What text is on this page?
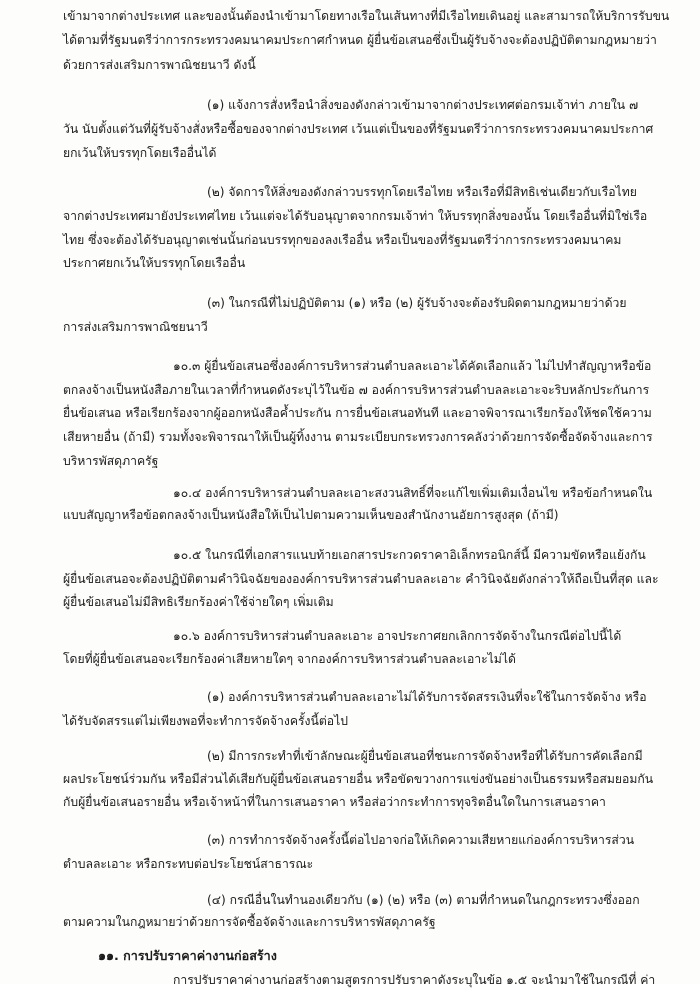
เข้ามาจากต่างประเทศ และของนั้นต้องนำเข้ามาโดยทางเรือในเส้นทางที่มีเรือไทยเดินอยู่ และสามารถให้บริการรับขน
ได้ตามที่รัฐมนตรีว่าการกระทรวงคมนาคมประกาศกำหนด ผู้ยื่นข้อเสนอซึ่งเป็นผู้รับจ้างจะต้องปฏิบัติตามกฎหมายว่า
ด้วยการส่งเสริมการพาณิชยนาวี ดังนี้
(๑) แจ้งการสั่งหรือนำสิ่งของดังกล่าวเข้ามาจากต่างประเทศต่อกรมเจ้าท่า ภายใน ๗
วัน นับตั้งแต่วันที่ผู้รับจ้างสั่งหรือซื้อของจากต่างประเทศ เว้นแต่เป็นของที่รัฐมนตรีว่าการกระทรวงคมนาคมประกาศ
ยกเว้นให้บรรทุกโดยเรืออื่นได้
(๒) จัดการให้สิ่งของดังกล่าวบรรทุกโดยเรือไทย หรือเรือที่มีสิทธิเช่นเดียวกับเรือไทย
จากต่างประเทศมายังประเทศไทย เว้นแต่จะได้รับอนุญาตจากกรมเจ้าท่า ให้บรรทุกสิ่งของนั้น โดยเรืออื่นที่มิใช่เรือ
ไทย ซึ่งจะต้องได้รับอนุญาตเช่นนั้นก่อนบรรทุกของลงเรืออื่น หรือเป็นของที่รัฐมนตรีว่าการกระทรวงคมนาคม
ประกาศยกเว้นให้บรรทุกโดยเรืออื่น
(๓) ในกรณีที่ไม่ปฏิบัติตาม (๑) หรือ (๒) ผู้รับจ้างจะต้องรับผิดตามกฎหมายว่าด้วย
การส่งเสริมการพาณิชยนาวี
๑๐.๓ ผู้ยื่นข้อเสนอซึ่งองค์การบริหารส่วนตำบลละเอาะได้คัดเลือกแล้ว ไม่ไปทำสัญญาหรือข้อ
ตกลงจ้างเป็นหนังสือภายในเวลาที่กำหนดดังระบุไว้ในข้อ ๗ องค์การบริหารส่วนตำบลละเอาะจะริบหลักประกันการ
ยื่นข้อเสนอ หรือเรียกร้องจากผู้ออกหนังสือค้ำประกัน การยื่นข้อเสนอทันที และอาจพิจารณาเรียกร้องให้ชดใช้ความ
เสียหายอื่น (ถ้ามี) รวมทั้งจะพิจารณาให้เป็นผู้ทิ้งงาน ตามระเบียบกระทรวงการคลังว่าด้วยการจัดซื้อจัดจ้างและการ
บริหารพัสดุภาครัฐ
๑๐.๔ องค์การบริหารส่วนตำบลละเอาะสงวนสิทธิ์ที่จะแก้ไขเพิ่มเติมเงื่อนไข หรือข้อกำหนดใน
แบบสัญญาหรือข้อตกลงจ้างเป็นหนังสือให้เป็นไปตามความเห็นของสำนักงานอัยการสูงสุด (ถ้ามี)
๑๐.๕ ในกรณีที่เอกสารแนบท้ายเอกสารประกวดราคาอิเล็กทรอนิกส์นี้ มีความขัดหรือแย้งกัน
ผู้ยื่นข้อเสนอจะต้องปฏิบัติตามคำวินิจฉัยขององค์การบริหารส่วนตำบลละเอาะ คำวินิจฉัยดังกล่าวให้ถือเป็นที่สุด และ
ผู้ยื่นข้อเสนอไม่มีสิทธิเรียกร้องค่าใช้จ่ายใดๆ เพิ่มเติม
๑๐.๖ องค์การบริหารส่วนตำบลละเอาะ อาจประกาศยกเลิกการจัดจ้างในกรณีต่อไปนี้ได้
โดยที่ผู้ยื่นข้อเสนอจะเรียกร้องค่าเสียหายใดๆ จากองค์การบริหารส่วนตำบลละเอาะไม่ได้
(๑) องค์การบริหารส่วนตำบลละเอาะไม่ได้รับการจัดสรรเงินที่จะใช้ในการจัดจ้าง หรือ
ได้รับจัดสรรแต่ไม่เพียงพอที่จะทำการจัดจ้างครั้งนี้ต่อไป
(๒) มีการกระทำที่เข้าลักษณะผู้ยื่นข้อเสนอที่ชนะการจัดจ้างหรือที่ได้รับการคัดเลือกมี
ผลประโยชน์ร่วมกัน หรือมีส่วนได้เสียกับผู้ยื่นข้อเสนอรายอื่น หรือขัดขวางการแข่งขันอย่างเป็นธรรมหรือสมยอมกัน
กับผู้ยื่นข้อเสนอรายอื่น หรือเจ้าหน้าที่ในการเสนอราคา หรือส่อว่ากระทำการทุจริตอื่นใดในการเสนอราคา
(๓) การทำการจัดจ้างครั้งนี้ต่อไปอาจก่อให้เกิดความเสียหายแก่องค์การบริหารส่วน
ตำบลละเอาะ หรือกระทบต่อประโยชน์สาธารณะ
(๔) กรณีอื่นในทำนองเดียวกับ (๑) (๒) หรือ (๓) ตามที่กำหนดในกฎกระทรวงซึ่งออก
ตามความในกฎหมายว่าด้วยการจัดซื้อจัดจ้างและการบริหารพัสดุภาครัฐ
๑๑. การปรับราคาค่างานก่อสร้าง
การปรับราคาค่างานก่อสร้างตามสูตรการปรับราคาดังระบุในข้อ ๑.๕ จะนำมาใช้ในกรณีที่ ค่า
